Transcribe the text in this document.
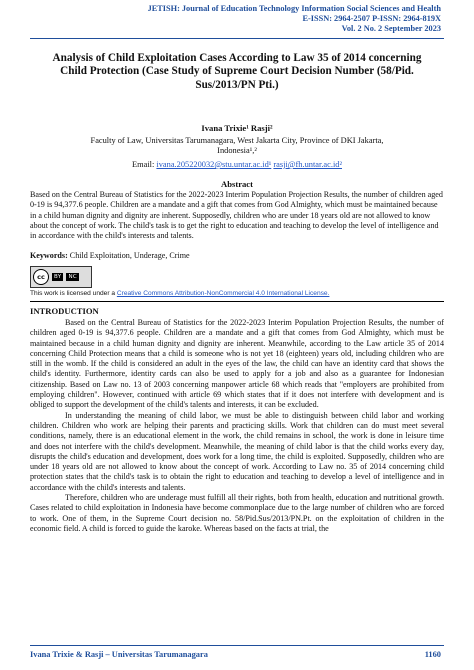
JETISH: Journal of Education Technology Information Social Sciences and Health
E-ISSN: 2964-2507 P-ISSN: 2964-819X
Vol. 2 No. 2 September 2023
Analysis of Child Exploitation Cases According to Law 35 of 2014 concerning Child Protection (Case Study of Supreme Court Decision Number (58/Pid. Sus/2013/PN Pti.)
Ivana Trixie¹ Rasji²
Faculty of Law, Universitas Tarumanagara, West Jakarta City, Province of DKI Jakarta,
Indonesia¹,²
Email: ivana.205220032@stu.untar.ac.id¹ rasji@fh.untar.ac.id²
Abstract
Based on the Central Bureau of Statistics for the 2022-2023 Interim Population Projection Results, the number of children aged 0-19 is 94,377.6 people. Children are a mandate and a gift that comes from God Almighty, which must be maintained because in a child human dignity and dignity are inherent. Supposedly, children who are under 18 years old are not allowed to know about the concept of work. The child's task is to get the right to education and teaching to develop the level of intelligence and in accordance with the child's interests and talents.
Keywords: Child Exploitation, Underage, Crime
cc	BY	NC
This work is licensed under a Creative Commons Attribution-NonCommercial 4.0 International License.
INTRODUCTION

Based on the Central Bureau of Statistics for the 2022-2023 Interim Population Projection Results, the number of children aged 0-19 is 94,377.6 people. Children are a mandate and a gift that comes from God Almighty, which must be maintained because in a child human dignity and dignity are inherent. Meanwhile, according to the Law article 35 of 2014 concerning Child Protection means that a child is someone who is not yet 18 (eighteen) years old, including children who are still in the womb. If the child is considered an adult in the eyes of the law, the child can have an identity card that shows the child's identity. Furthermore, identity cards can also be used to apply for a job and also as a guarantee for Indonesian citizenship. Based on Law no. 13 of 2003 concerning manpower article 68 which reads that "employers are prohibited from employing children". However, continued with article 69 which states that if it does not interfere with development and is obliged to support the development of the child's talents and interests, it can be excluded.

In understanding the meaning of child labor, we must be able to distinguish between child labor and working children. Children who work are helping their parents and practicing skills. Work that children can do must meet several conditions, namely, there is an educational element in the work, the child remains in school, the work is done in leisure time and does not interfere with the child's development. Meanwhile, the meaning of child labor is that the child works every day, disrupts the child's education and development, does work for a long time, the child is exploited. Supposedly, children who are under 18 years old are not allowed to know about the concept of work. According to Law no. 35 of 2014 concerning child protection states that the child's task is to obtain the right to education and teaching to develop a level of intelligence and in accordance with the child's interests and talents.

Therefore, children who are underage must fulfill all their rights, both from health, education and nutritional growth. Cases related to child exploitation in Indonesia have become commonplace due to the large number of children who are forced to work. One of them, in the Supreme Court decision no. 58/Pid.Sus/2013/PN.Pt. on the exploitation of children in the economic field. A child is forced to guide the karoke. Whereas based on the facts at trial, the

Ivana Trixie & Rasji – Universitas Tarumanagara	1160
